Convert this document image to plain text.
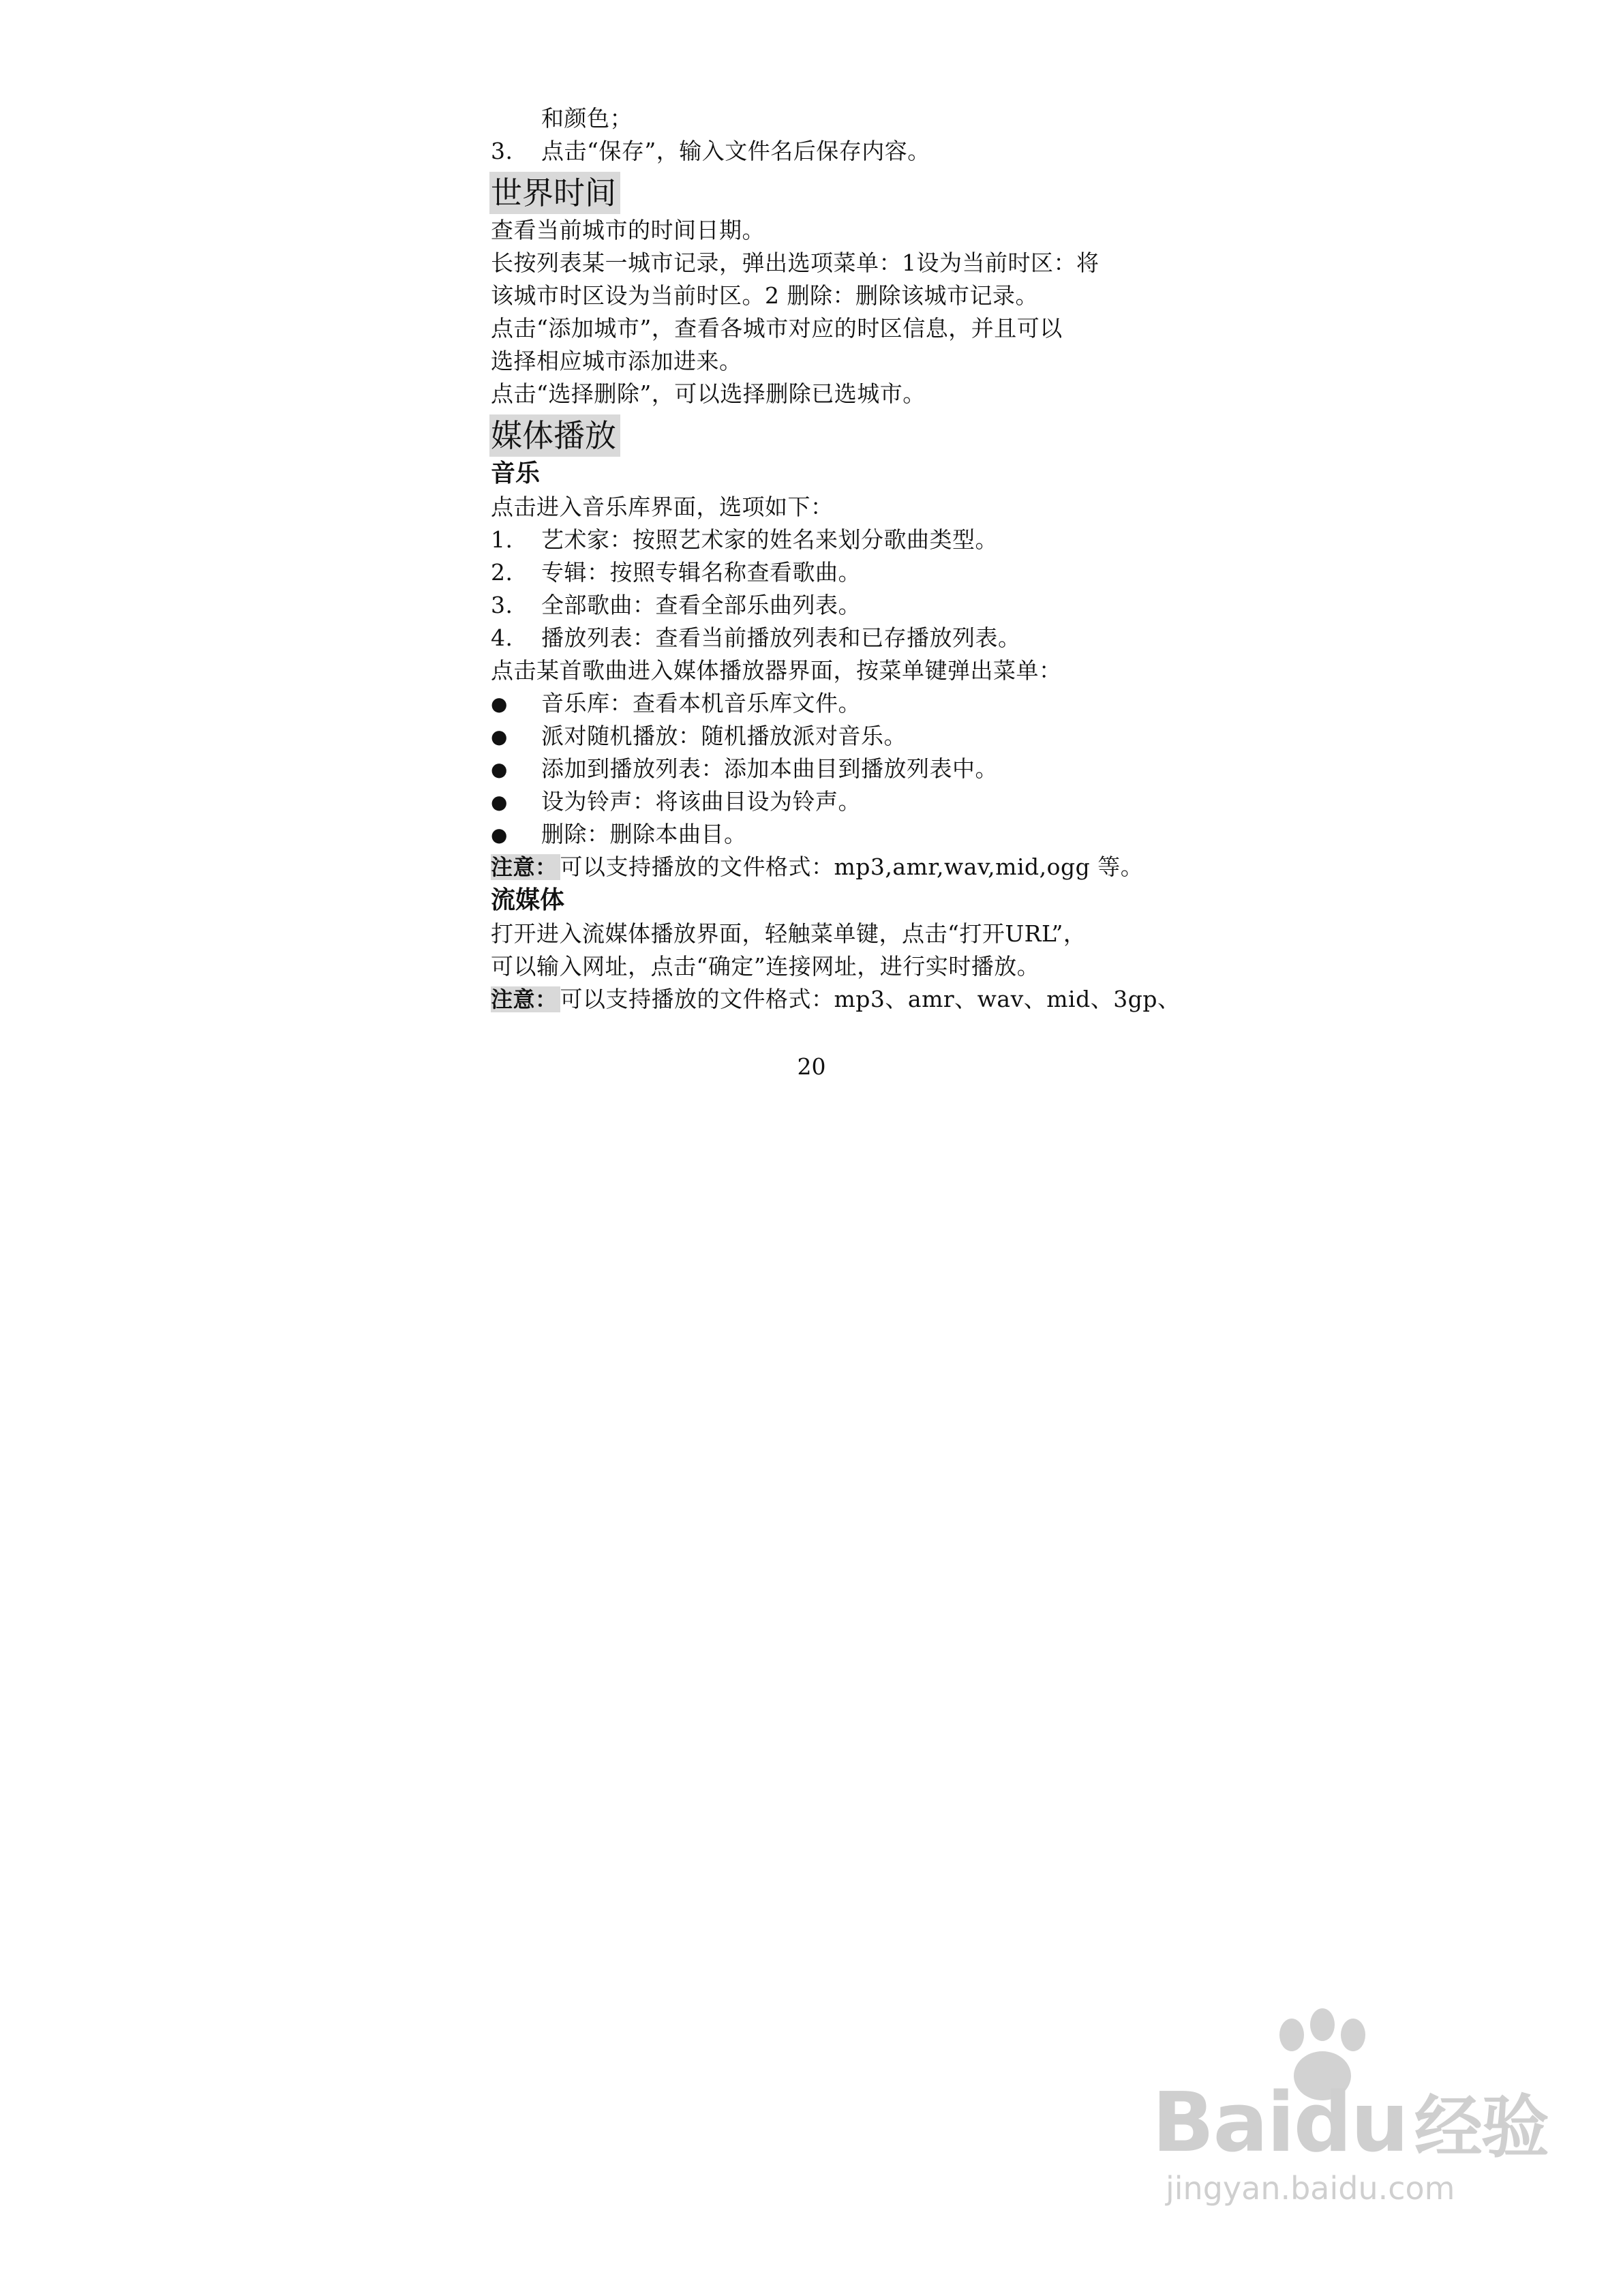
和颜色；
3. 点击“保存”，输入文件名后保存内容。
世界时间
查看当前城市的时间日期。
长按列表某一城市记录，弹出选项菜单：1设为当前时区：将
该城市时区设为当前时区。2 删除：删除该城市记录。
点击“添加城市”，查看各城市对应的时区信息，并且可以
选择相应城市添加进来。
点击“选择删除”，可以选择删除已选城市。
媒体播放
音乐
点击进入音乐库界面，选项如下：
1. 艺术家：按照艺术家的姓名来划分歌曲类型。
2. 专辑：按照专辑名称查看歌曲。
3. 全部歌曲：查看全部乐曲列表。
4. 播放列表：查看当前播放列表和已存播放列表。
点击某首歌曲进入媒体播放器界面，按菜单键弹出菜单：
● 音乐库：查看本机音乐库文件。
● 派对随机播放：随机播放派对音乐。
● 添加到播放列表：添加本曲目到播放列表中。
● 设为铃声：将该曲目设为铃声。
● 删除：删除本曲目。
注意： 可以支持播放的文件格式：mp3,amr,wav,mid,ogg 等。
流媒体
打开进入流媒体播放界面，轻触菜单键，点击“打开URL”，
可以输入网址，点击“确定”连接网址，进行实时播放。
注意： 可以支持播放的文件格式：mp3、amr、wav、mid、3gp、
20
Baidu 经验
jingyan.baidu.com
